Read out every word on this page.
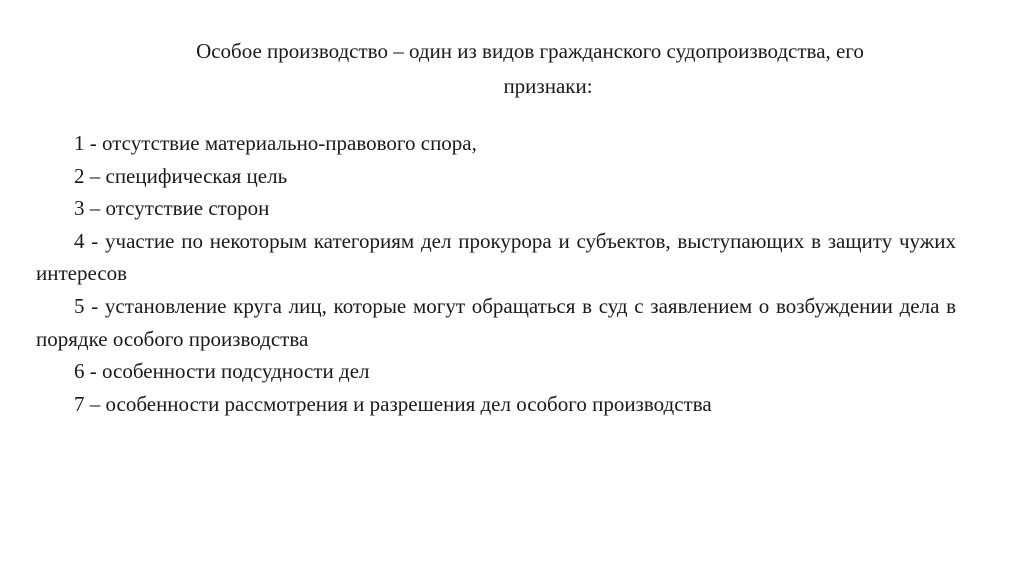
Особое производство – один из видов гражданского судопроизводства, его
признаки:
1 - отсутствие материально-правового спора,
2 – специфическая цель
3 – отсутствие сторон
4 - участие по некоторым категориям дел прокурора и субъектов, выступающих в защиту чужих интересов
5 - установление круга лиц, которые могут обращаться в суд с заявлением о возбуждении дела в порядке особого производства
6 - особенности подсудности дел
7 – особенности рассмотрения и разрешения дел особого производства
